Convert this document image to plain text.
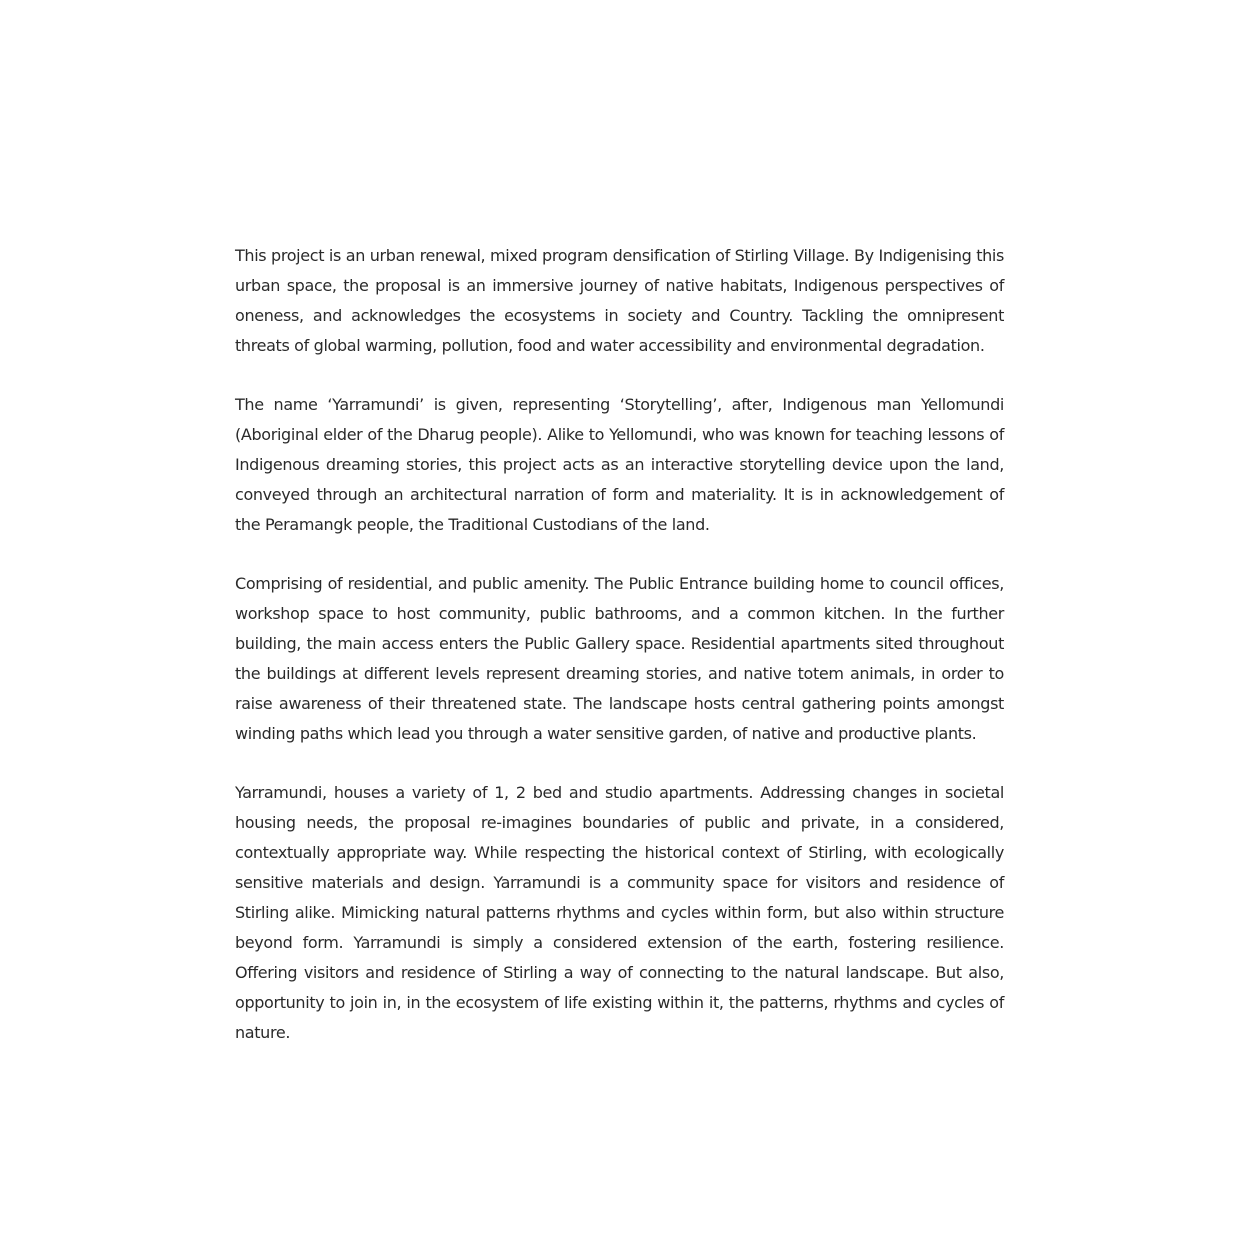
This project is an urban renewal, mixed program densification of Stirling Village. By Indigenising this urban space, the proposal is an immersive journey of native habitats, Indigenous perspectives of oneness, and acknowledges the ecosystems in society and Country. Tackling the omnipresent threats of global warming, pollution, food and water accessibility and environmental degradation.

The name ‘Yarramundi’ is given, representing ‘Storytelling’, after, Indigenous man Yellomundi (Aboriginal elder of the Dharug people). Alike to Yellomundi, who was known for teaching lessons of Indigenous dreaming stories, this project acts as an interactive storytelling device upon the land, conveyed through an architectural narration of form and materiality. It is in acknowledgement of the Peramangk people, the Traditional Custodians of the land.

Comprising of residential, and public amenity. The Public Entrance building home to council offices, workshop space to host community, public bathrooms, and a common kitchen. In the further building, the main access enters the Public Gallery space. Residential apartments sited throughout the buildings at different levels represent dreaming stories, and native totem animals, in order to raise awareness of their threatened state. The landscape hosts central gathering points amongst winding paths which lead you through a water sensitive garden, of native and productive plants.

Yarramundi, houses a variety of 1, 2 bed and studio apartments. Addressing changes in societal housing needs, the proposal re-imagines boundaries of public and private, in a considered, contextually appropriate way. While respecting the historical context of Stirling, with ecologically sensitive materials and design. Yarramundi is a community space for visitors and residence of Stirling alike. Mimicking natural patterns rhythms and cycles within form, but also within structure beyond form. Yarramundi is simply a considered extension of the earth, fostering resilience. Offering visitors and residence of Stirling a way of connecting to the natural landscape. But also, opportunity to join in, in the ecosystem of life existing within it, the patterns, rhythms and cycles of nature.
